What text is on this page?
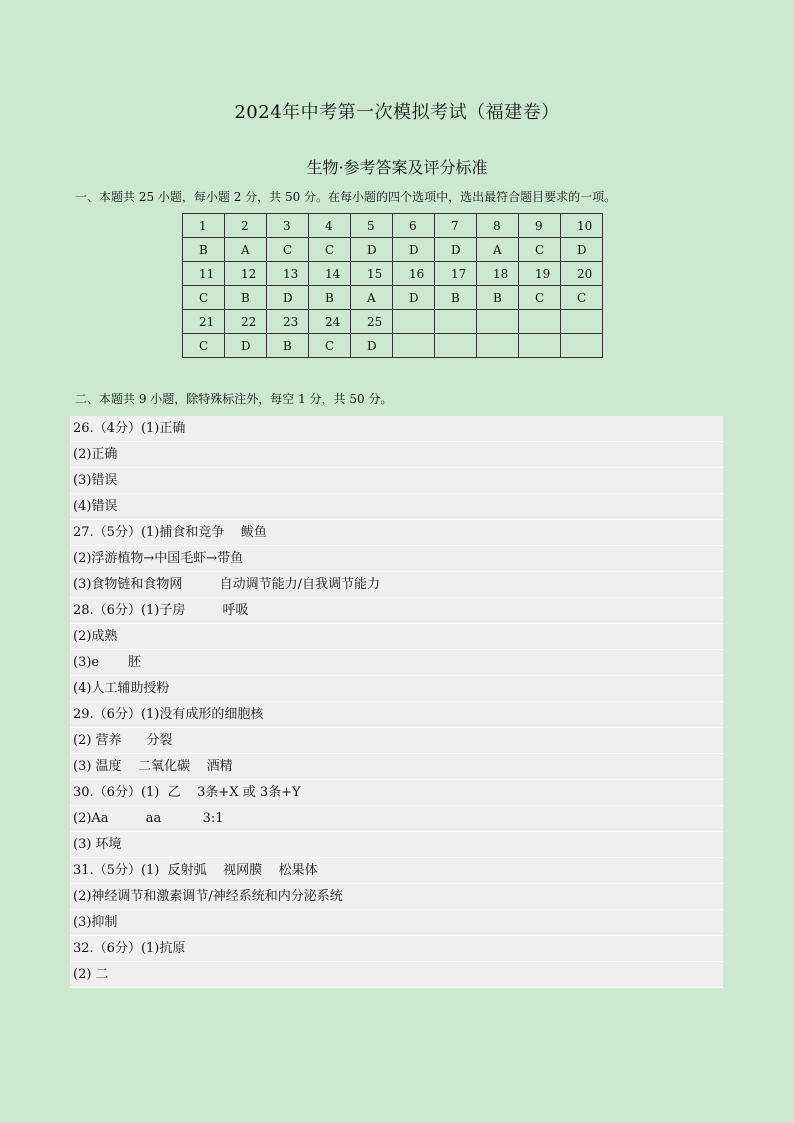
2024年中考第一次模拟考试（福建卷）
生物·参考答案及评分标准
一、本题共 25 小题，每小题 2 分，共 50 分。在每小题的四个选项中，选出最符合题目要求的一项。
1	2	3	4	5	6	7	8	9	10
B	A	C	C	D	D	D	A	C	D
11	12	13	14	15	16	17	18	19	20
C	B	D	B	A	D	B	B	C	C
21	22	23	24	25					
C	D	B	C	D					
二、本题共 9 小题，除特殊标注外，每空 1 分，共 50 分。
26.（4分）(1)正确
(2)正确
(3)错误
(4)错误
27.（5分）(1)捕食和竞争    鲅鱼
(2)浮游植物→中国毛虾→带鱼
(3)食物链和食物网         自动调节能力/自我调节能力
28.（6分）(1)子房         呼吸
(2)成熟
(3)e       胚
(4)人工辅助授粉
29.（6分）(1)没有成形的细胞核
(2) 营养      分裂
(3) 温度    二氧化碳    酒精
30.（6分）(1)  乙    3条+X 或 3条+Y
(2)Aa         aa          3:1
(3) 环境
31.（5分）(1)  反射弧    视网膜    松果体
(2)神经调节和激素调节/神经系统和内分泌系统
(3)抑制
32.（6分）(1)抗原
(2) 二
